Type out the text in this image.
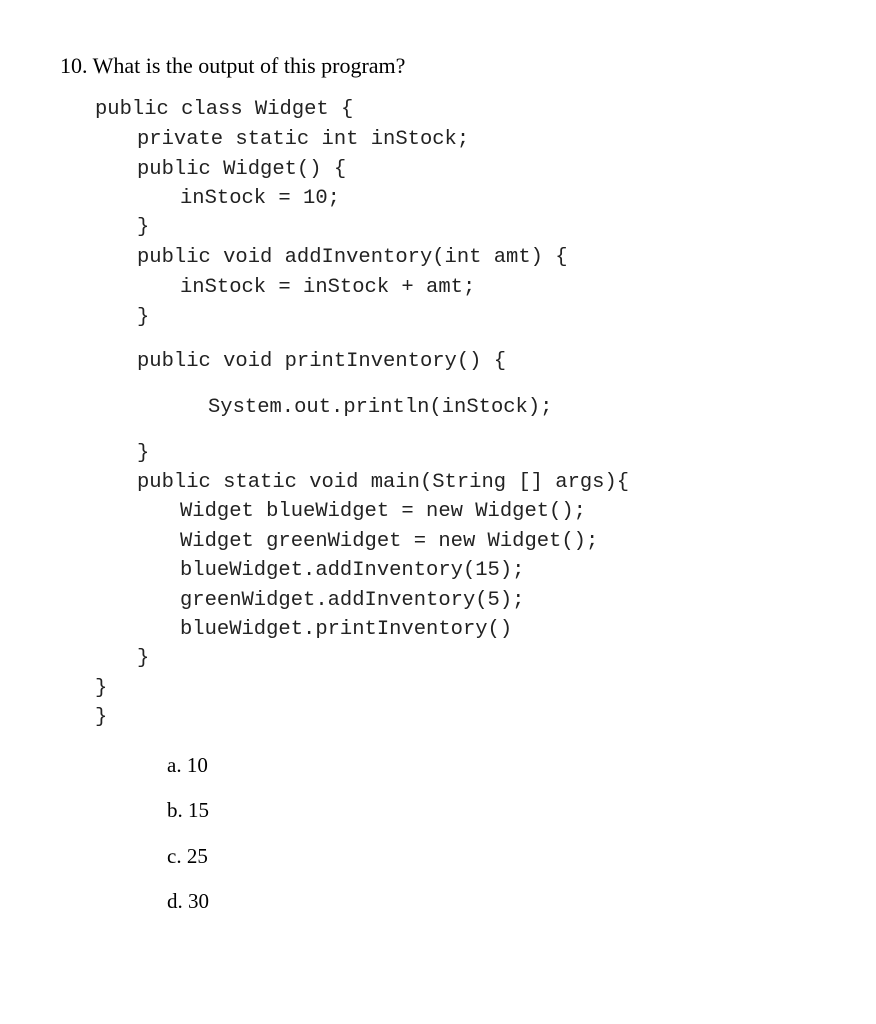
10. What is the output of this program?
public class Widget {
private static int inStock;
public Widget() {
inStock = 10;
}
public void addInventory(int amt) {
inStock = inStock + amt;
}
public void printInventory() {
System.out.println(inStock);
}
public static void main(String [] args){
Widget blueWidget = new Widget();
Widget greenWidget = new Widget();
blueWidget.addInventory(15);
greenWidget.addInventory(5);
blueWidget.printInventory()
}
}
}
a. 10
b. 15
c. 25
d. 30
